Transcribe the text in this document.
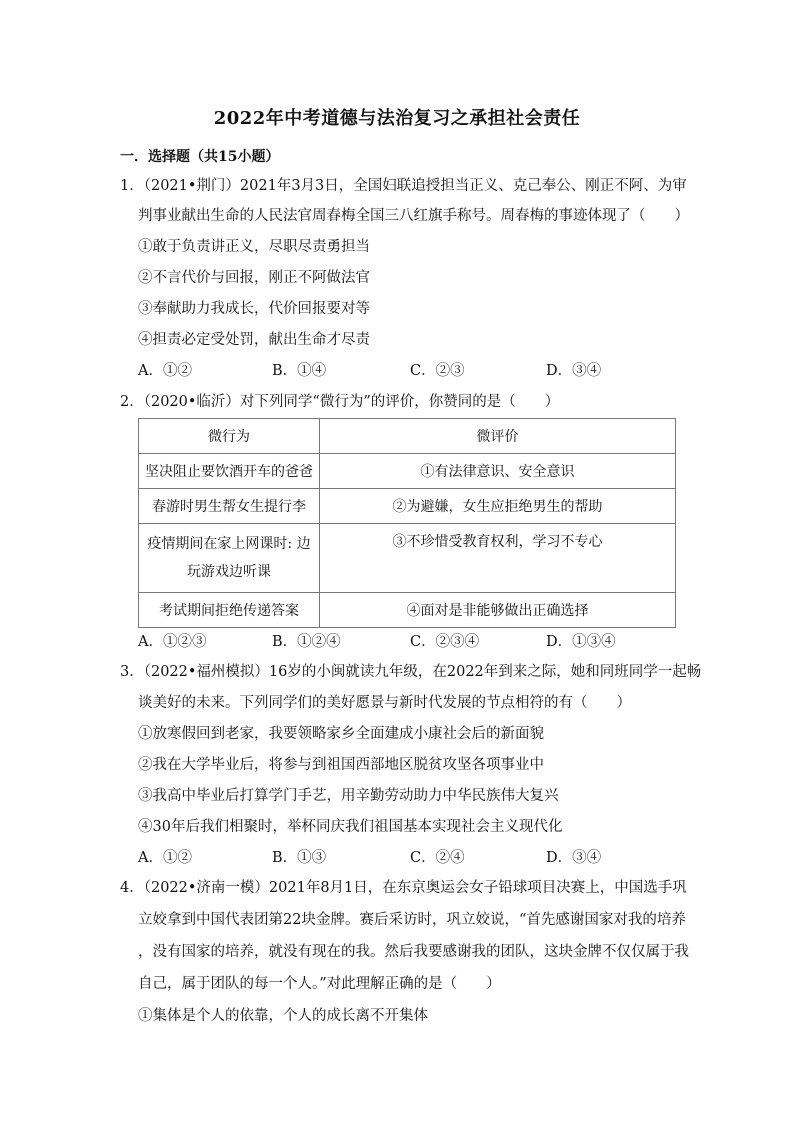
2022年中考道德与法治复习之承担社会责任
一．选择题（共15小题）
1．（2021•荆门）2021年3月3日，全国妇联追授担当正义、克己奉公、刚正不阿、为审
判事业献出生命的人民法官周春梅全国三八红旗手称号。周春梅的事迹体现了（　　）
①敢于负责讲正义，尽职尽责勇担当
②不言代价与回报，刚正不阿做法官
③奉献助力我成长，代价回报要对等
④担责必定受处罚，献出生命才尽责
A．①②	B．①④	C．②③	D．③④
2．（2020•临沂）对下列同学“微行为”的评价，你赞同的是（　　）
微行为	微评价
坚决阻止要饮酒开车的爸爸	①有法律意识、安全意识
春游时男生帮女生提行李	②为避嫌，女生应拒绝男生的帮助
疫情期间在家上网课时: 边玩游戏边听课	③不珍惜受教育权利，学习不专心
考试期间拒绝传递答案	④面对是非能够做出正确选择
A．①②③	B．①②④	C．②③④	D．①③④
3．（2022•福州模拟）16岁的小闽就读九年级，在2022年到来之际，她和同班同学一起畅
谈美好的未来。下列同学们的美好愿景与新时代发展的节点相符的有（　　）
①放寒假回到老家，我要领略家乡全面建成小康社会后的新面貌
②我在大学毕业后，将参与到祖国西部地区脱贫攻坚各项事业中
③我高中毕业后打算学门手艺，用辛勤劳动助力中华民族伟大复兴
④30年后我们相聚时，举杯同庆我们祖国基本实现社会主义现代化
A．①②	B．①③	C．②④	D．③④
4．（2022•济南一模）2021年8月1日，在东京奥运会女子铅球项目决赛上，中国选手巩
立姣拿到中国代表团第22块金牌。赛后采访时，巩立姣说，“首先感谢国家对我的培养
，没有国家的培养，就没有现在的我。然后我要感谢我的团队，这块金牌不仅仅属于我
自己，属于团队的每一个人。”对此理解正确的是（　　）
①集体是个人的依靠，个人的成长离不开集体
